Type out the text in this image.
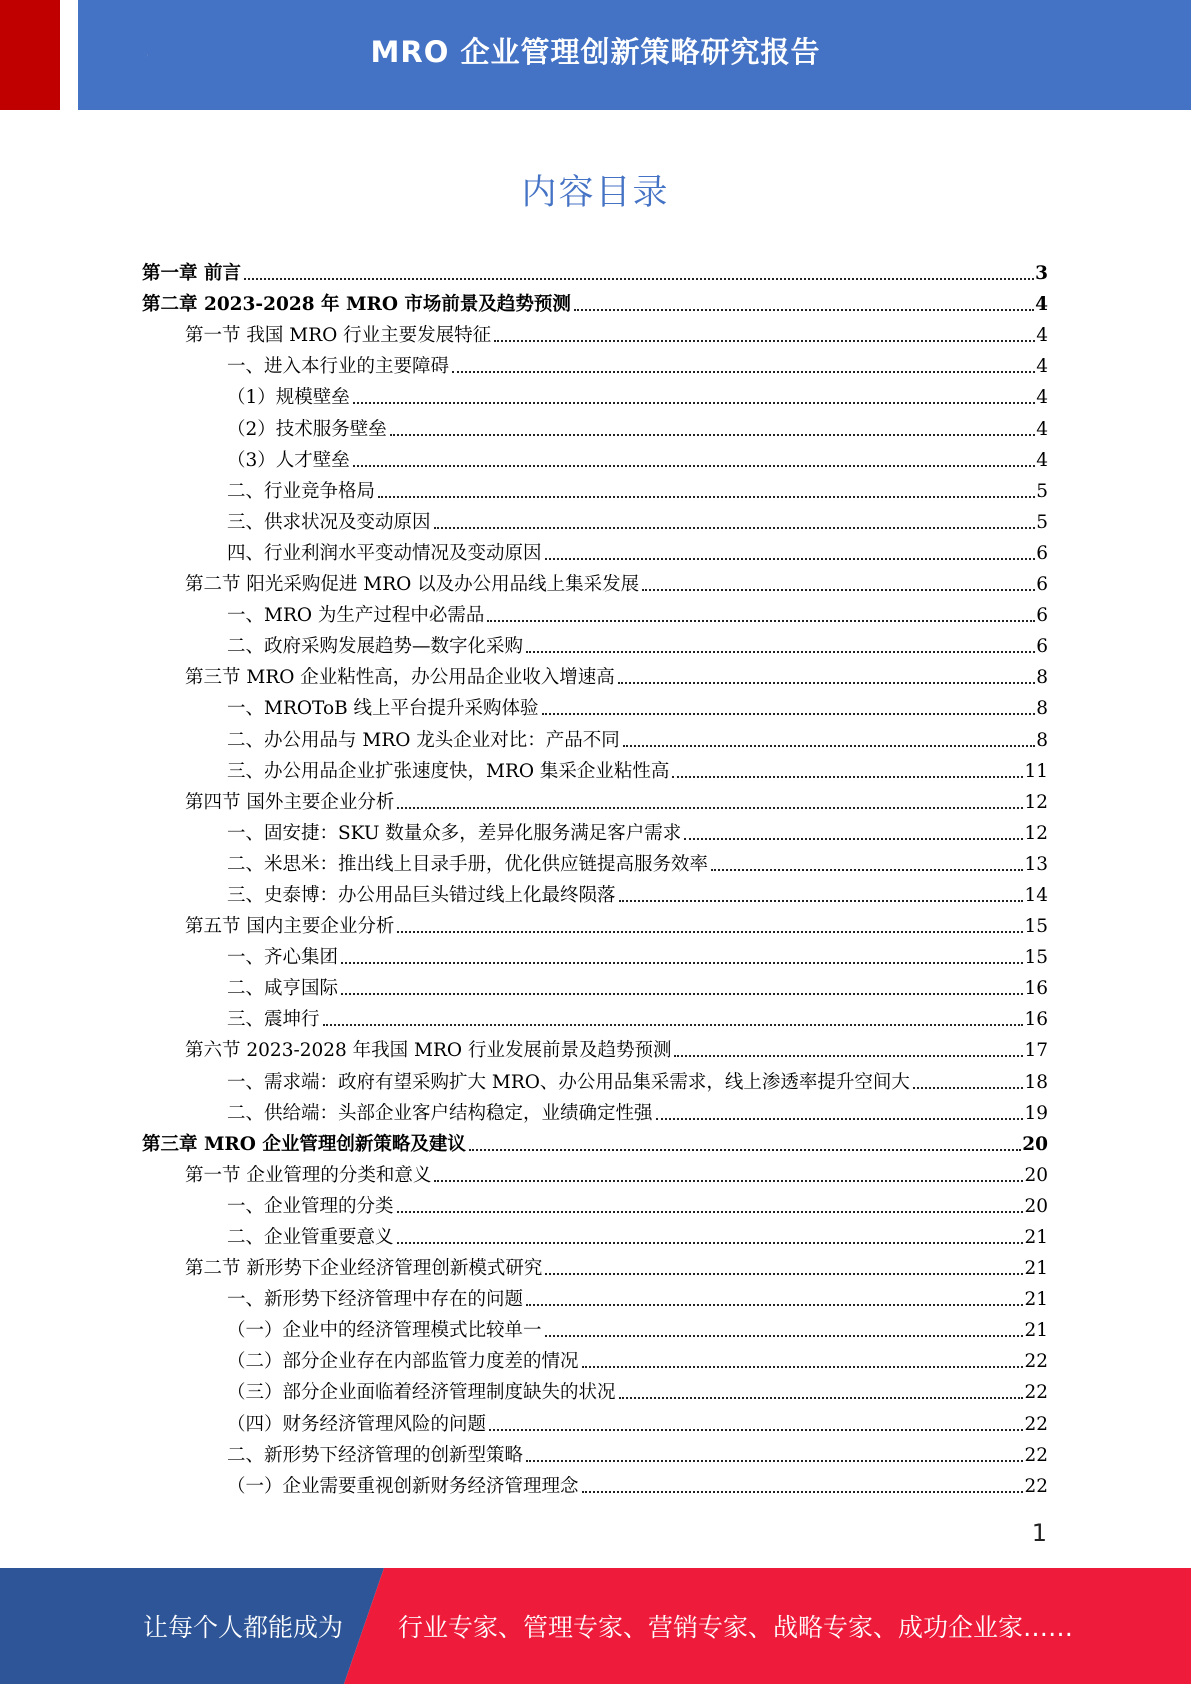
MRO 企业管理创新策略研究报告
内容目录
第一章 前言	3
第二章 2023-2028 年 MRO 市场前景及趋势预测	4
第一节 我国 MRO 行业主要发展特征	4
一、进入本行业的主要障碍	4
（1）规模壁垒	4
（2）技术服务壁垒	4
（3）人才壁垒	4
二、行业竞争格局	5
三、供求状况及变动原因	5
四、行业利润水平变动情况及变动原因	6
第二节 阳光采购促进 MRO 以及办公用品线上集采发展	6
一、MRO 为生产过程中必需品	6
二、政府采购发展趋势—数字化采购	6
第三节 MRO 企业粘性高，办公用品企业收入增速高	8
一、MROToB 线上平台提升采购体验	8
二、办公用品与 MRO 龙头企业对比：产品不同	8
三、办公用品企业扩张速度快，MRO 集采企业粘性高	11
第四节 国外主要企业分析	12
一、固安捷：SKU 数量众多，差异化服务满足客户需求	12
二、米思米：推出线上目录手册，优化供应链提高服务效率	13
三、史泰博：办公用品巨头错过线上化最终陨落	14
第五节 国内主要企业分析	15
一、齐心集团	15
二、咸亨国际	16
三、震坤行	16
第六节 2023-2028 年我国 MRO 行业发展前景及趋势预测	17
一、需求端：政府有望采购扩大 MRO、办公用品集采需求，线上渗透率提升空间大	18
二、供给端：头部企业客户结构稳定，业绩确定性强	19
第三章 MRO 企业管理创新策略及建议	20
第一节 企业管理的分类和意义	20
一、企业管理的分类	20
二、企业管重要意义	21
第二节 新形势下企业经济管理创新模式研究	21
一、新形势下经济管理中存在的问题	21
（一）企业中的经济管理模式比较单一	21
（二）部分企业存在内部监管力度差的情况	22
（三）部分企业面临着经济管理制度缺失的状况	22
（四）财务经济管理风险的问题	22
二、新形势下经济管理的创新型策略	22
（一）企业需要重视创新财务经济管理理念	22
1
让每个人都能成为 行业专家、管理专家、营销专家、战略专家、成功企业家……
